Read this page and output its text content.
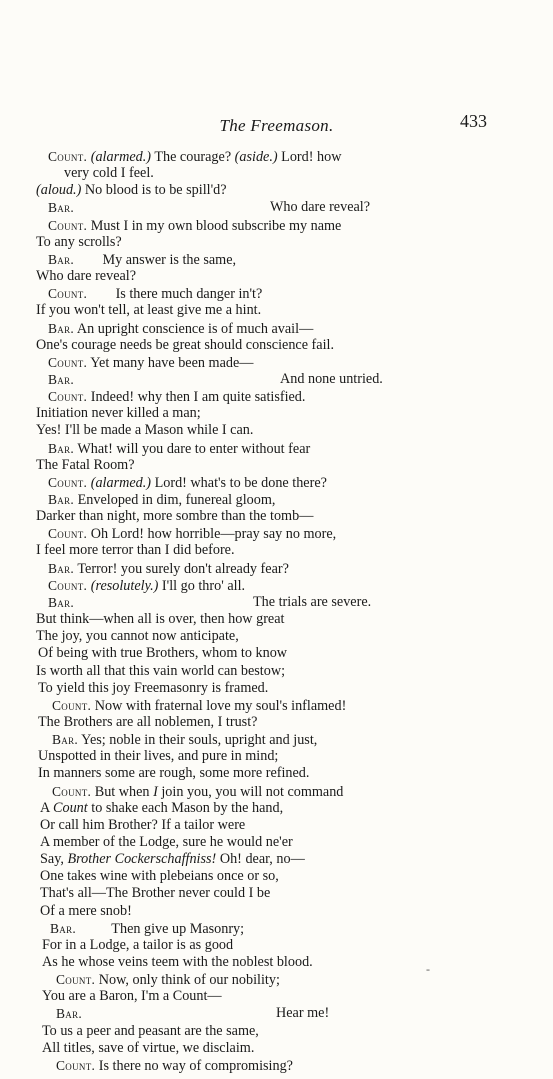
The Freemason.	433
Count. (alarmed.) The courage? (aside.) Lord! how
very cold I feel.
(aloud.) No blood is to be spill'd?
Bar.	Who dare reveal?
Count. Must I in my own blood subscribe my name
To any scrolls?
Bar.        My answer is the same,
Who dare reveal?
Count.        Is there much danger in't?
If you won't tell, at least give me a hint.
Bar. An upright conscience is of much avail—
One's courage needs be great should conscience fail.
Count. Yet many have been made—
Bar.	And none untried.
Count. Indeed! why then I am quite satisfied.
Initiation never killed a man;
Yes! I'll be made a Mason while I can.
Bar. What! will you dare to enter without fear
The Fatal Room?
Count. (alarmed.) Lord! what's to be done there?
Bar. Enveloped in dim, funereal gloom,
Darker than night, more sombre than the tomb—
Count. Oh Lord! how horrible—pray say no more,
I feel more terror than I did before.
Bar. Terror! you surely don't already fear?
Count. (resolutely.) I'll go thro' all.
Bar.	The trials are severe.
But think—when all is over, then how great
The joy, you cannot now anticipate,
Of being with true Brothers, whom to know
Is worth all that this vain world can bestow;
To yield this joy Freemasonry is framed.
Count. Now with fraternal love my soul's inflamed!
The Brothers are all noblemen, I trust?
Bar. Yes; noble in their souls, upright and just,
Unspotted in their lives, and pure in mind;
In manners some are rough, some more refined.
Count. But when I join you, you will not command
A Count to shake each Mason by the hand,
Or call him Brother? If a tailor were
A member of the Lodge, sure he would ne'er
Say, Brother Cockerschaffniss! Oh! dear, no—
One takes wine with plebeians once or so,
That's all—The Brother never could I be
Of a mere snob!
Bar.          Then give up Masonry;
For in a Lodge, a tailor is as good
As he whose veins teem with the noblest blood.
Count. Now, only think of our nobility;
You are a Baron, I'm a Count—
Bar.	Hear me!
To us a peer and peasant are the same,
All titles, save of virtue, we disclaim.
Count. Is there no way of compromising?
-
